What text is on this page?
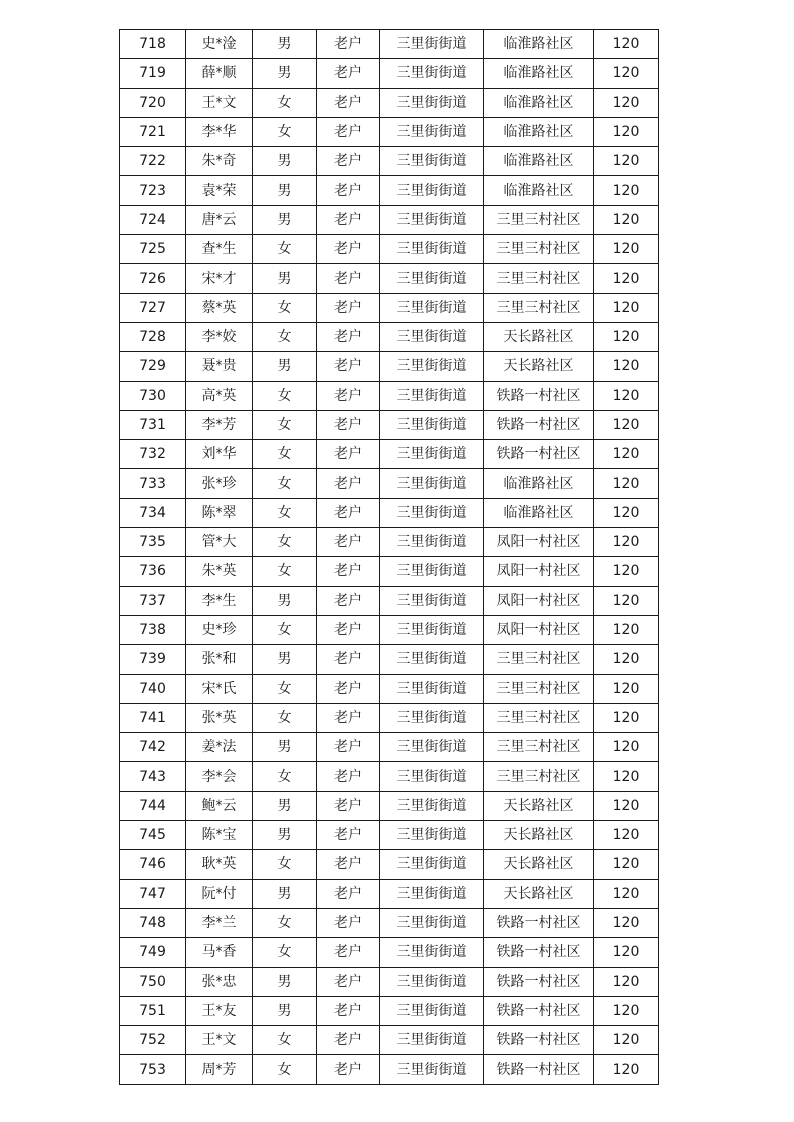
718	史*淦	男	老户	三里街街道	临淮路社区	120
719	薛*顺	男	老户	三里街街道	临淮路社区	120
720	王*文	女	老户	三里街街道	临淮路社区	120
721	李*华	女	老户	三里街街道	临淮路社区	120
722	朱*奇	男	老户	三里街街道	临淮路社区	120
723	袁*荣	男	老户	三里街街道	临淮路社区	120
724	唐*云	男	老户	三里街街道	三里三村社区	120
725	查*生	女	老户	三里街街道	三里三村社区	120
726	宋*才	男	老户	三里街街道	三里三村社区	120
727	蔡*英	女	老户	三里街街道	三里三村社区	120
728	李*姣	女	老户	三里街街道	天长路社区	120
729	聂*贵	男	老户	三里街街道	天长路社区	120
730	高*英	女	老户	三里街街道	铁路一村社区	120
731	李*芳	女	老户	三里街街道	铁路一村社区	120
732	刘*华	女	老户	三里街街道	铁路一村社区	120
733	张*珍	女	老户	三里街街道	临淮路社区	120
734	陈*翠	女	老户	三里街街道	临淮路社区	120
735	管*大	女	老户	三里街街道	凤阳一村社区	120
736	朱*英	女	老户	三里街街道	凤阳一村社区	120
737	李*生	男	老户	三里街街道	凤阳一村社区	120
738	史*珍	女	老户	三里街街道	凤阳一村社区	120
739	张*和	男	老户	三里街街道	三里三村社区	120
740	宋*氏	女	老户	三里街街道	三里三村社区	120
741	张*英	女	老户	三里街街道	三里三村社区	120
742	姜*法	男	老户	三里街街道	三里三村社区	120
743	李*会	女	老户	三里街街道	三里三村社区	120
744	鲍*云	男	老户	三里街街道	天长路社区	120
745	陈*宝	男	老户	三里街街道	天长路社区	120
746	耿*英	女	老户	三里街街道	天长路社区	120
747	阮*付	男	老户	三里街街道	天长路社区	120
748	李*兰	女	老户	三里街街道	铁路一村社区	120
749	马*香	女	老户	三里街街道	铁路一村社区	120
750	张*忠	男	老户	三里街街道	铁路一村社区	120
751	王*友	男	老户	三里街街道	铁路一村社区	120
752	王*文	女	老户	三里街街道	铁路一村社区	120
753	周*芳	女	老户	三里街街道	铁路一村社区	120
